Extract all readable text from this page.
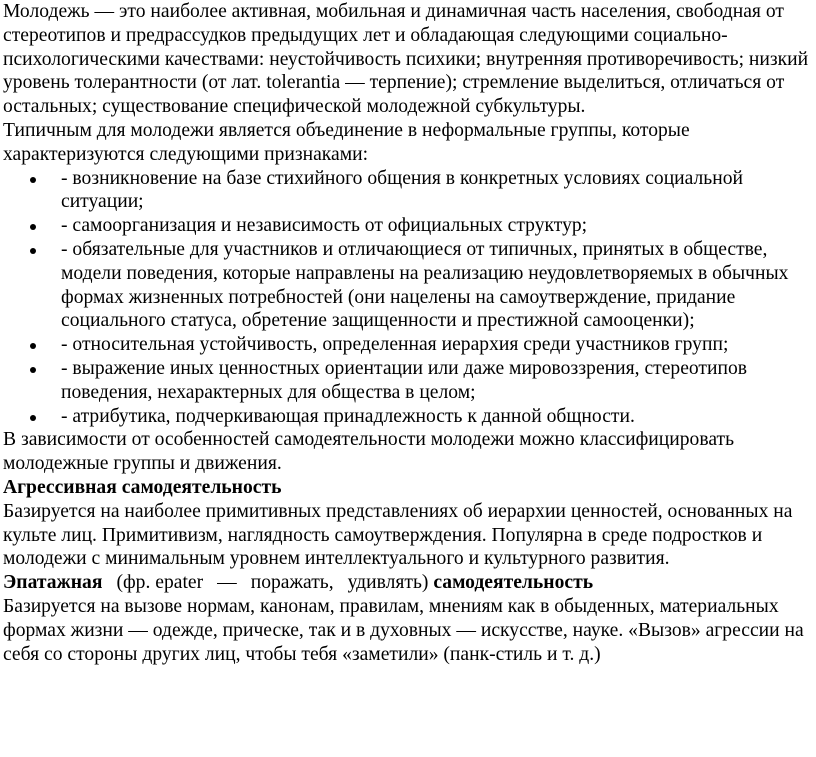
Молодежь — это наиболее активная, мобильная и динамичная часть населения, свободная от стереотипов и предрассудков предыдущих лет и обладающая следующими социально-психологическими качествами: неустойчивость психики; внутренняя противоречивость; низкий уровень толерантности (от лат. tolerantia — терпение); стремление выделиться, отличаться от остальных; существование специфической молодежной субкультуры.

Типичным для молодежи является объединение в неформальные группы, которые характеризуются следующими признаками:

- возникновение на базе стихийного общения в конкретных условиях социальной ситуации;
- самоорганизация и независимость от официальных структур;
- обязательные для участников и отличающиеся от типичных, принятых в обществе, модели поведения, которые направлены на реализацию неудовлетворяемых в обычных формах жизненных потребностей (они нацелены на самоутверждение, придание социального статуса, обретение защищенности и престижной самооценки);
- относительная устойчивость, определенная иерархия среди участников групп;
- выражение иных ценностных ориентации или даже мировоззрения, стереотипов поведения, нехарактерных для общества в целом;
- атрибутика, подчеркивающая принадлежность к данной общности.

В зависимости от особенностей самодеятельности молодежи можно классифицировать молодежные группы и движения.

Агрессивная самодеятельность

Базируется на наиболее примитивных представлениях об иерархии ценностей, основанных на культе лиц. Примитивизм, наглядность самоутверждения. Популярна в среде подростков и молодежи с минимальным уровнем интеллектуального и культурного развития.

Эпатажная (фр. epater — поражать, удивлять) самодеятельность

Базируется на вызове нормам, канонам, правилам, мнениям как в обыденных, материальных формах жизни — одежде, прическе, так и в духовных — искусстве, науке. «Вызов» агрессии на себя со стороны других лиц, чтобы тебя «заметили» (панк-стиль и т. д.)
